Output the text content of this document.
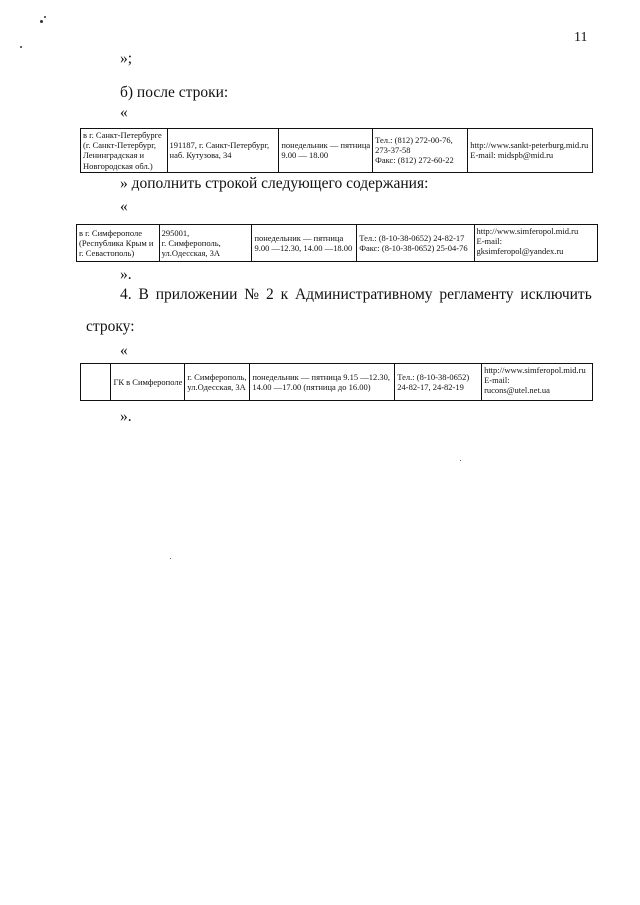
11
»;
б) после строки:
«
в г. Санкт-Петербурге
(г. Санкт-Петербург,
Ленинградская и
Новгородская обл.)

191187, г. Санкт-Петербург,
наб. Кутузова, 34

понедельник — пятница
9.00 — 18.00

Тел.: (812) 272-00-76,
273-37-58
Факс: (812) 272-60-22

http://www.sankt-peterburg.mid.ru
E-mail: midspb@mid.ru
» дополнить строкой следующего содержания:
«
в г. Симферополе
(Республика Крым и
г. Севастополь)

295001,
г. Симферополь,
ул.Одесская, 3А

понедельник — пятница
9.00 —12.30, 14.00 —18.00

Тел.: (8-10-38-0652) 24-82-17
Факс: (8-10-38-0652) 25-04-76

http://www.simferopol.mid.ru
E-mail:
gksimferopol@yandex.ru
».
4. В приложении № 2 к Административному регламенту исключить
строку:
«

ГК в Симферополе

г. Симферополь,
ул.Одесская, 3А

понедельник — пятница 9.15 —12.30,
14.00 —17.00 (пятница до 16.00)

Тел.: (8-10-38-0652)
24-82-17, 24-82-19

http://www.simferopol.mid.ru
E-mail:
rucons@utel.net.ua
».
